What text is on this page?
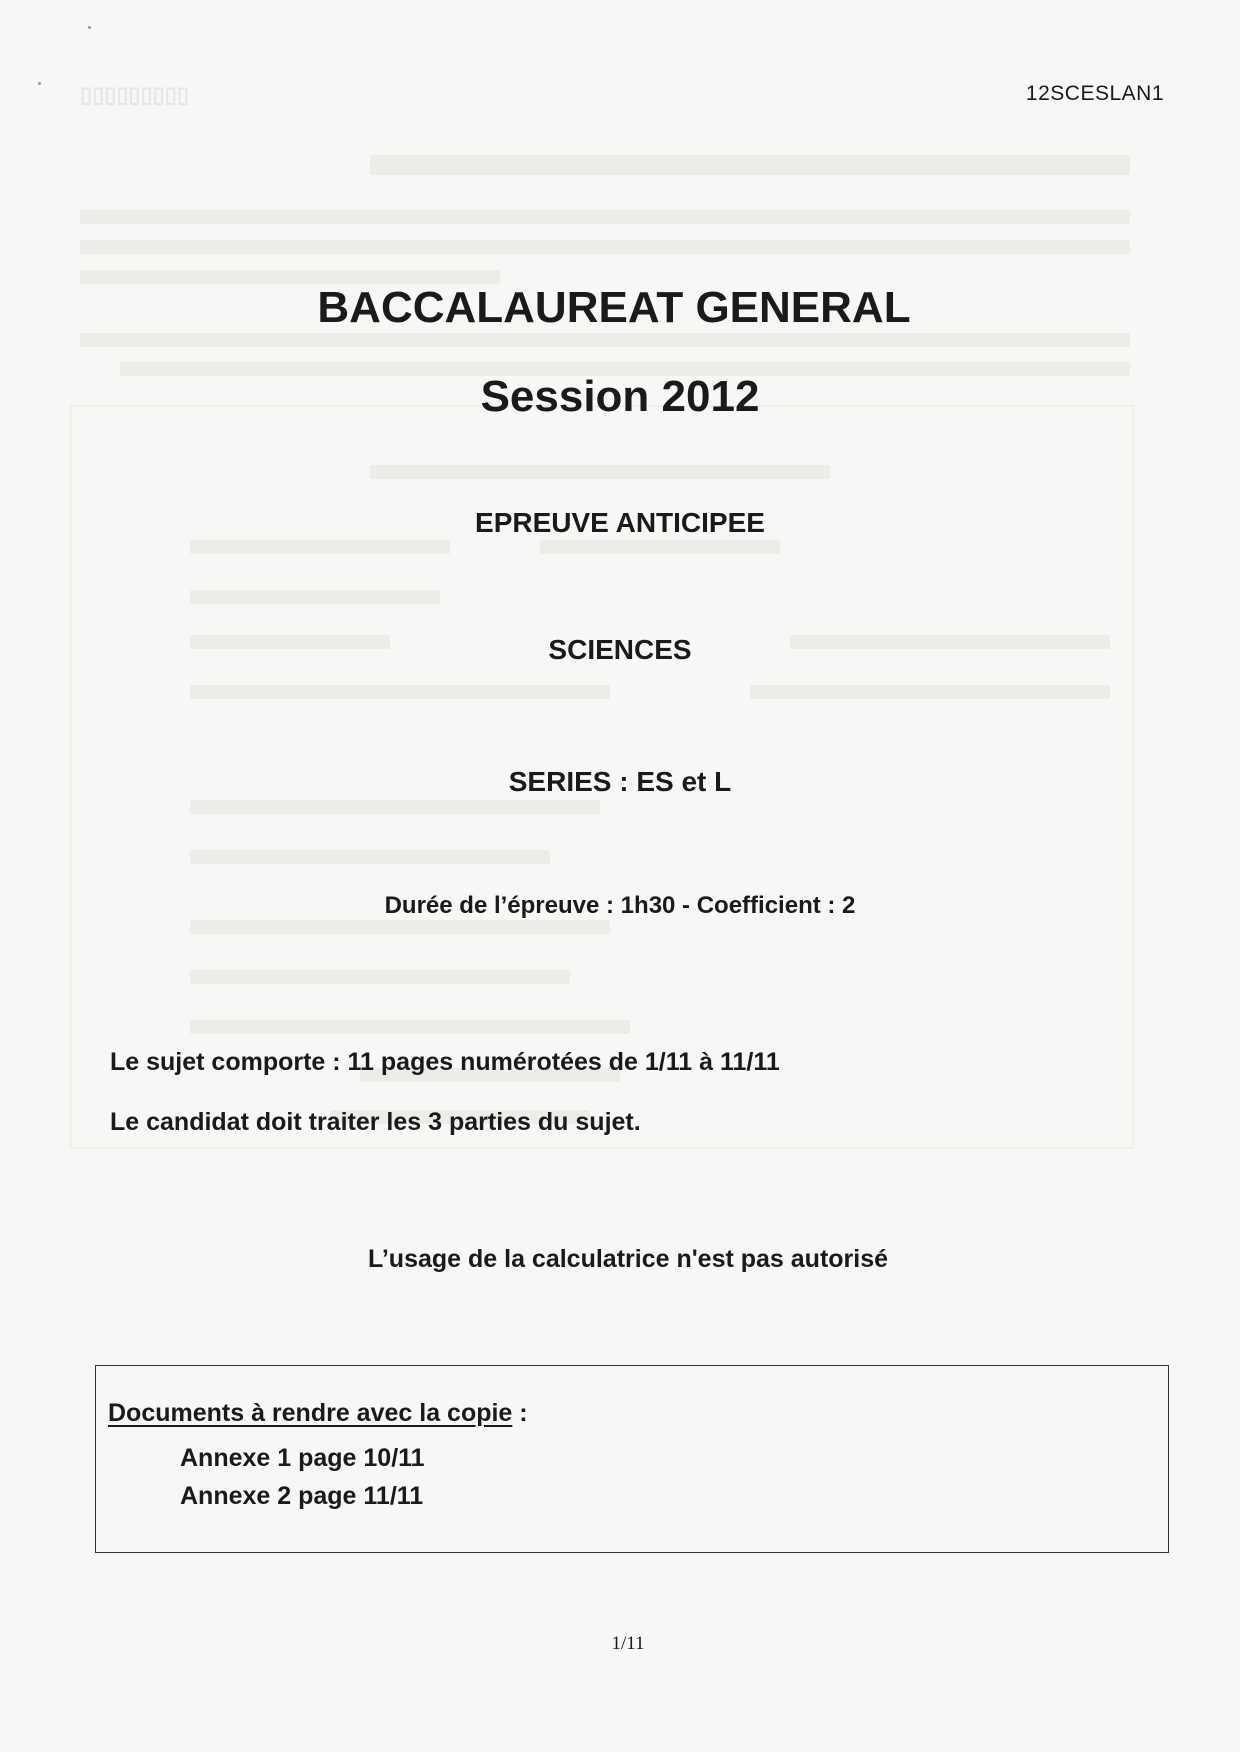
▯▯▯▯▯▯▯▯▯	12SCESLAN1
BACCALAUREAT GENERAL
Session 2012
EPREUVE ANTICIPEE
SCIENCES
SERIES : ES et L
Durée de l’épreuve : 1h30 - Coefficient : 2
Le sujet comporte : 11 pages numérotées de 1/11 à 11/11
Le candidat doit traiter les 3 parties du sujet.
L’usage de la calculatrice n'est pas autorisé
Documents à rendre avec la copie :
Annexe 1 page 10/11
Annexe 2 page 11/11
1/11
